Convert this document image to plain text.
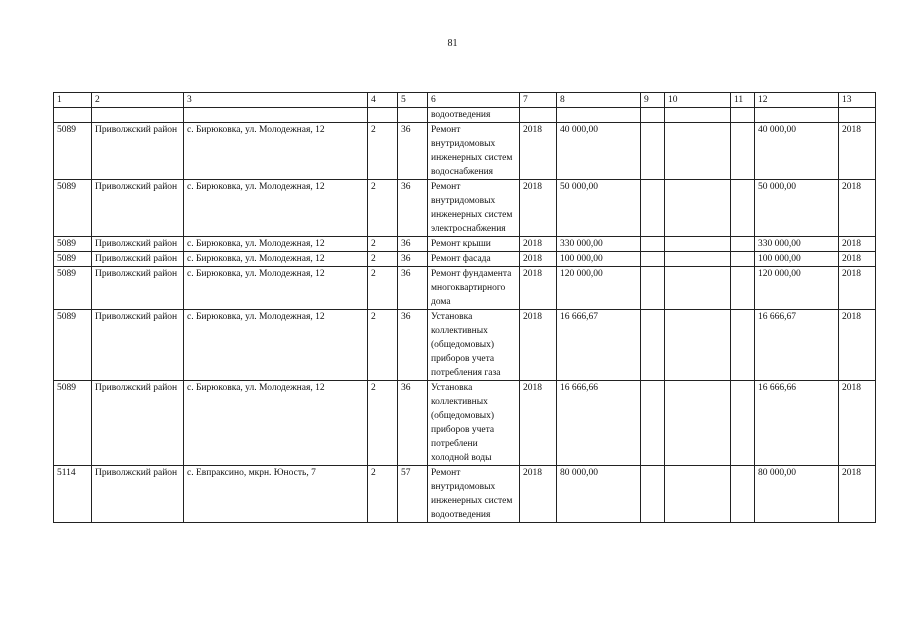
81
1	2	3	4	5	6	7	8	9	10	11	12	13
					водоотведения							
5089	Приволжский район	с. Бирюковка, ул. Молодежная, 12	2	36	Ремонт внутридомовых инженерных систем водоснабжения	2018	40 000,00				40 000,00	2018
5089	Приволжский район	с. Бирюковка, ул. Молодежная, 12	2	36	Ремонт внутридомовых инженерных систем электроснабжения	2018	50 000,00				50 000,00	2018
5089	Приволжский район	с. Бирюковка, ул. Молодежная, 12	2	36	Ремонт крыши	2018	330 000,00				330 000,00	2018
5089	Приволжский район	с. Бирюковка, ул. Молодежная, 12	2	36	Ремонт фасада	2018	100 000,00				100 000,00	2018
5089	Приволжский район	с. Бирюковка, ул. Молодежная, 12	2	36	Ремонт фундамента многоквартирного дома	2018	120 000,00				120 000,00	2018
5089	Приволжский район	с. Бирюковка, ул. Молодежная, 12	2	36	Установка коллективных (общедомовых) приборов учета потребления газа	2018	16 666,67				16 666,67	2018
5089	Приволжский район	с. Бирюковка, ул. Молодежная, 12	2	36	Установка коллективных (общедомовых) приборов учета потреблени холодной воды	2018	16 666,66				16 666,66	2018
5114	Приволжский район	с. Евпраксино, мкрн. Юность, 7	2	57	Ремонт внутридомовых инженерных систем водоотведения	2018	80 000,00				80 000,00	2018
